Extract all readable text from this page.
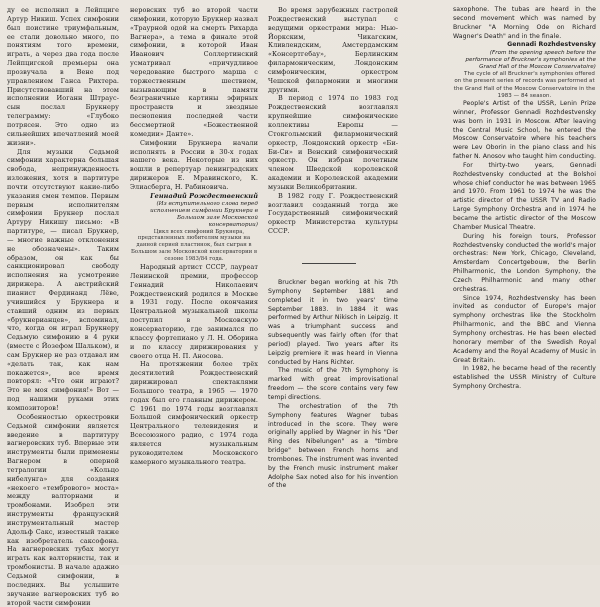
ду ее исполнил в Лейпциге Артур Никиш. Успех симфонии был поистине триумфальным, ее стали довольно много, по понятиям того времени, играть, а через два года после Лейпцигской премьеры она прозвучала в Вене под управлением Ганса Рихтера. Присутствовавший на этом исполнении Иоганн Штраус-сын послал Брукнеру телеграмму: «Глубоко потрясен. Это одно из сильнейших впечатлений моей жизни».

Для музыки Седьмой симфонии характерна большая свобода, непринужденность изложения, хотя в партитуре почти отсутствуют какие-либо указания смен темпов. Первым первым исполнителям симфонии Брукнер послал Артуру Никишу письмо: «В партитуре, — писал Брукнер, — многие важные отклонения не обозначены». Таким образом, он как бы санкционировал свободу исполнения на усмотрение дирижера. А австрийский пианист Фердинанд Лёве, учившийся у Брукнера и ставший одним из первых «брукнерианцев», вспоминал, что, когда он играл Брукнеру Седьмую симфонию в 4 руки (вместе с Йозефом Шальком), и сам Брукнер не раз отдавал им «делать так, как нам покажется», все время повторял: «Что они играют? Это не моя симфония!» Вот — под нашими руками этих композиторов!

Особенностью оркестровки Седьмой симфонии является введение в партитуру вагнеровских туб. Впервые эти инструменты были применены Вагнером в оперной тетралогии «Кольцо нибелунга» для создания «некоего «тембрового» моста» между валторнами и тромбонами. Изобрел эти инструменты французский инструментальный мастер Адольф Сакс, известный также как изобретатель саксофона. На вагнеровских тубах могут играть как валторнисты, так и тромбонисты. В начале адажио Седьмой симфонии, в последних. Вы услышите звучание вагнеровских туб во второй части симфонии

неровских туб во второй части симфонии, которую Брукнер назвал «Траурной одой на смерть Рихарда Вагнера», а тема в финале этой симфонии, в которой Иван Иванович Соллертинский усматривал «причудливое чередование быстрого марша с торжественным шествием, вызывающим в памяти безграничные картины эфирных пространств и звездные песнопения последней части бессмертной «Божественной комедии» Данте».

Симфонии Брукнера начали исполнять в России в 30-х годах нашего века. Некоторые из них вошли в репертуар ленинградских дирижеров Е. Мравинского, К. Элиасберга, Н. Рабиновича.

Геннадий Рождественский

(Из вступительного слова перед исполнением симфонии Брукнера в Большом зале Московской консерватории)

Цикл всех симфоний Брукнера, представленных любителям музыки на данной серией пластинок, был сыгран в Большом зале Московской консерватории в сезоне 1983/84 года.

Народный артист СССР, лауреат Ленинской премии, профессор Геннадий Николаевич Рождественский родился в Москве в 1931 году. После окончания Центральной музыкальной школы поступил в Московскую консерваторию, где занимался по классу фортепиано у Л. Н. Оборина и по классу дирижирования у своего отца Н. П. Аносова.

На протяжении более трёх десятилетий Рождественский дирижировал спектаклями Большого театра, в 1965 — 1970 годах был его главным дирижером. С 1961 по 1974 годы возглавлял Большой симфонический оркестр Центрального телевидения и Всесоюзного радио, с 1974 года является музыкальным руководителем Московского камерного музыкального театра.

Во время зарубежных гастролей Рождественский выступал с ведущими оркестрами мира: Нью-Йоркским, Чикагским, Кливлендским, Амстердамским «Консертгебау», Берлинским филармоническим, Лондонским симфоническим, оркестром Чешской филармонии и многими другими.

В период с 1974 по 1983 год Рождественский возглавлял крупнейшие симфонические коллективы Европы — Стокгольмский филармонический оркестр, Лондонский оркестр «Би-Би-Си» и Венский симфонический оркестр. Он избран почетным членом Шведской королевской академии и Королевской академии музыки Великобритании.

В 1982 году Г. Рождественский возглавил созданный тогда же Государственный симфонический оркестр Министерства культуры СССР.

Bruckner began working at his 7th Symphony September 1881 and completed it in two years' time September 1883. In 1884 it was performed by Arthur Nikisch in Leipzig. It was a triumphant success and subsequently was fairly often (for that period) played. Two years after its Leipzig premiere it was heard in Vienna conducted by Hans Richter.

The music of the 7th Symphony is marked with great improvisational freedom — the score contains very few tempi directions.

The orchestration of the 7th Symphony features Wagner tubas introduced in the score. They were originally applied by Wagner in his "Der Ring des Nibelungen" as a "timbre bridge" between French horns and trombones. The instrument was invented by the French music instrument maker Adolphe Sax noted also for his invention of the

saxophone. The tubas are heard in the second movement which was named by Bruckner "A Morning Ode on Richard Wagner's Death" and in the finale.

Gennadi Rozhdestvensky

(From the opening speech before the performance of Bruckner's symphonies at the Grand Hall of the Moscow Conservatoire)

The cycle of all Bruckner's symphonies offered on the present series of records was performed at the Grand Hall of the Moscow Conservatoire in the 1983 — 84 season.

People's Artist of the USSR, Lenin Prize winner, Professor Gennadi Rozhdestvensky was born in 1931 in Moscow. After leaving the Central Music School, he entered the Moscow Conservatoire where his teachers were Lev Oborin in the piano class and his father N. Anosov who taught him conducting.

For thirty-two years, Gennadi Rozhdestvensky conducted at the Bolshoi whose chief conductor he was between 1965 and 1970. From 1961 to 1974 he was the artistic director of the USSR TV and Radio Large Symphony Orchestra and in 1974 he became the artistic director of the Moscow Chamber Musical Theatre.

During his foreign tours, Professor Rozhdestvensky conducted the world's major orchestras: New York, Chicago, Cleveland, Amsterdam Concertgebouw, the Berlin Philharmonic, the London Symphony, the Czech Philharmonic and many other orchestras.

Since 1974, Rozhdestvensky has been invited as conductor of Europe's major symphony orchestras like the Stockholm Philharmonic, and the BBC and Vienna Symphony orchestras. He has been elected honorary member of the Swedish Royal Academy and the Royal Academy of Music in Great Britain.

In 1982, he became head of the recently established the USSR Ministry of Culture Symphony Orchestra.
